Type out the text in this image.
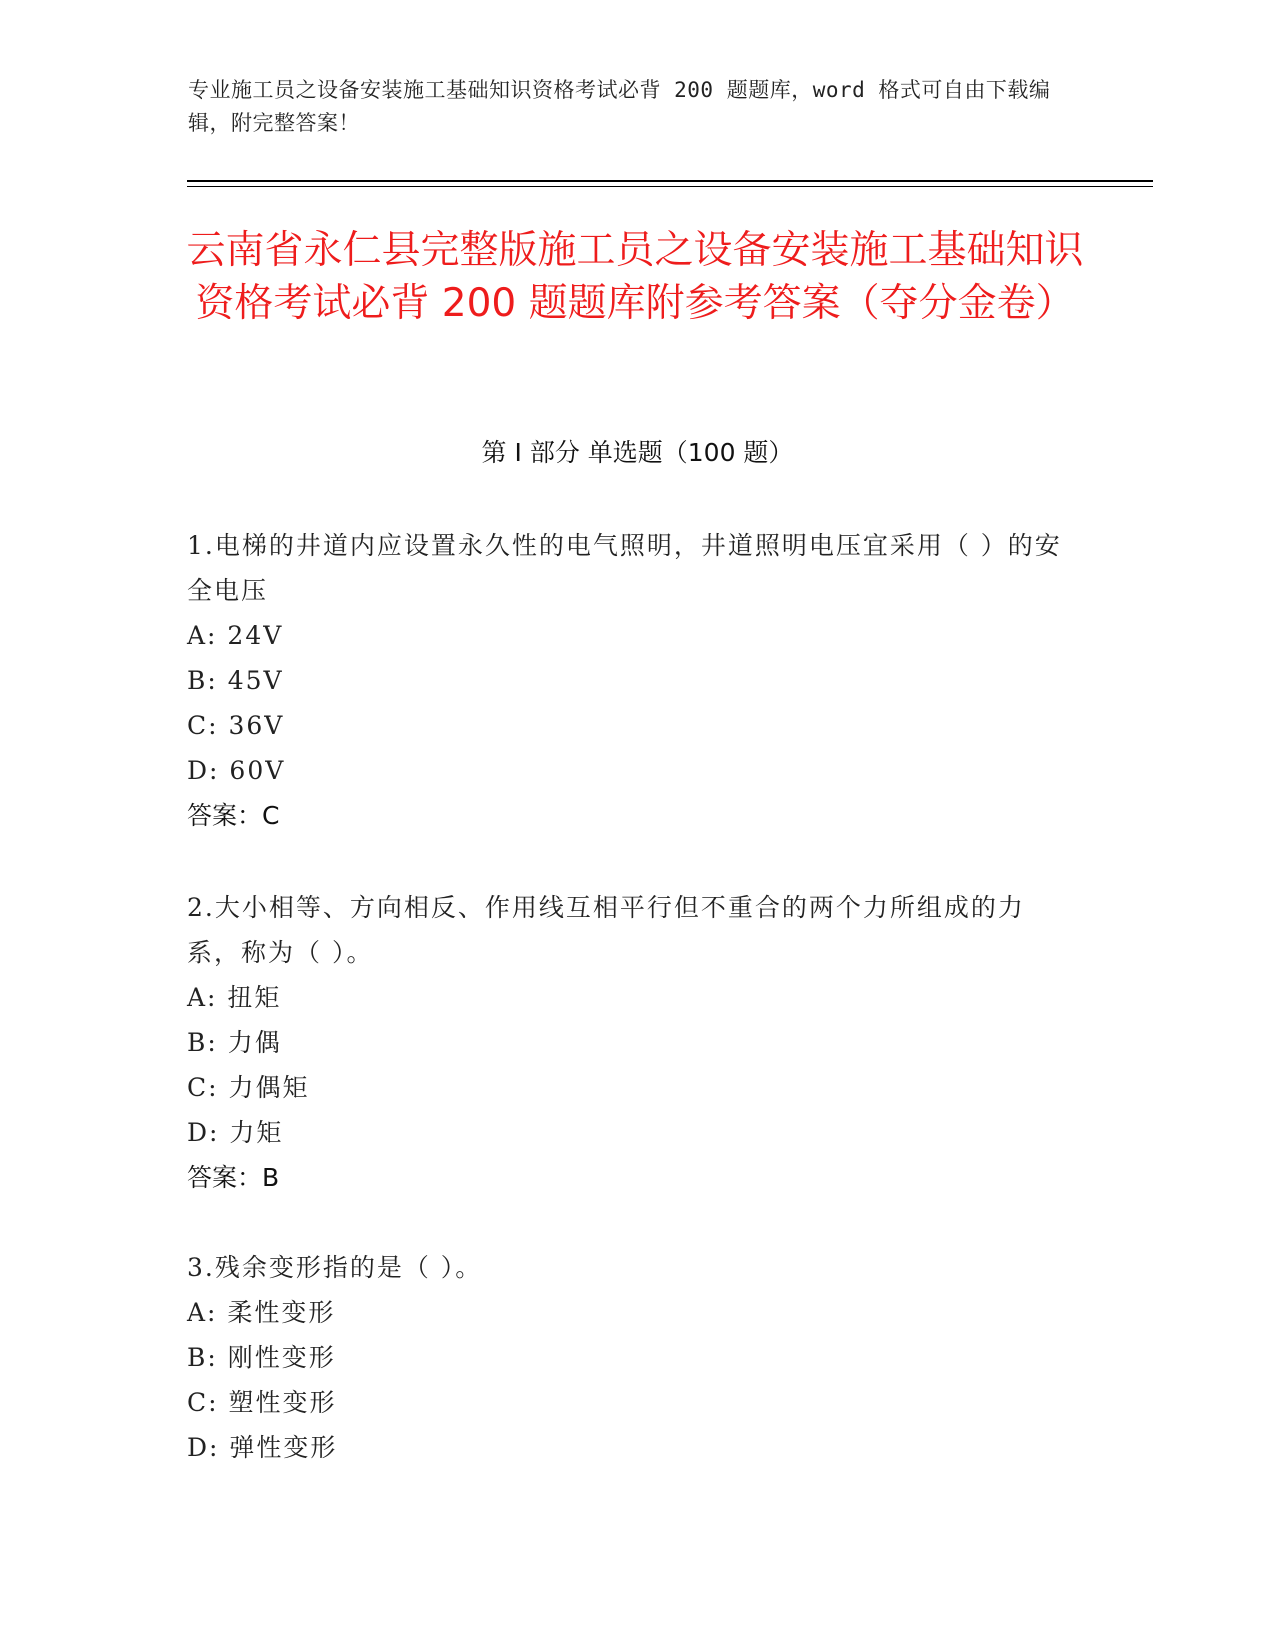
专业施工员之设备安装施工基础知识资格考试必背 200 题题库，word 格式可自由下载编辑，附完整答案！
云南省永仁县完整版施工员之设备安装施工基础知识资格考试必背 200 题题库附参考答案（夺分金卷）
第 I 部分 单选题（100 题）
1.电梯的井道内应设置永久性的电气照明，井道照明电压宜采用（ ）的安全电压
A: 24V
B: 45V
C: 36V
D: 60V
答案：C
2.大小相等、方向相反、作用线互相平行但不重合的两个力所组成的力系，称为（ ）。
A: 扭矩
B: 力偶
C: 力偶矩
D: 力矩
答案：B
3.残余变形指的是（ ）。
A: 柔性变形
B: 刚性变形
C: 塑性变形
D: 弹性变形
